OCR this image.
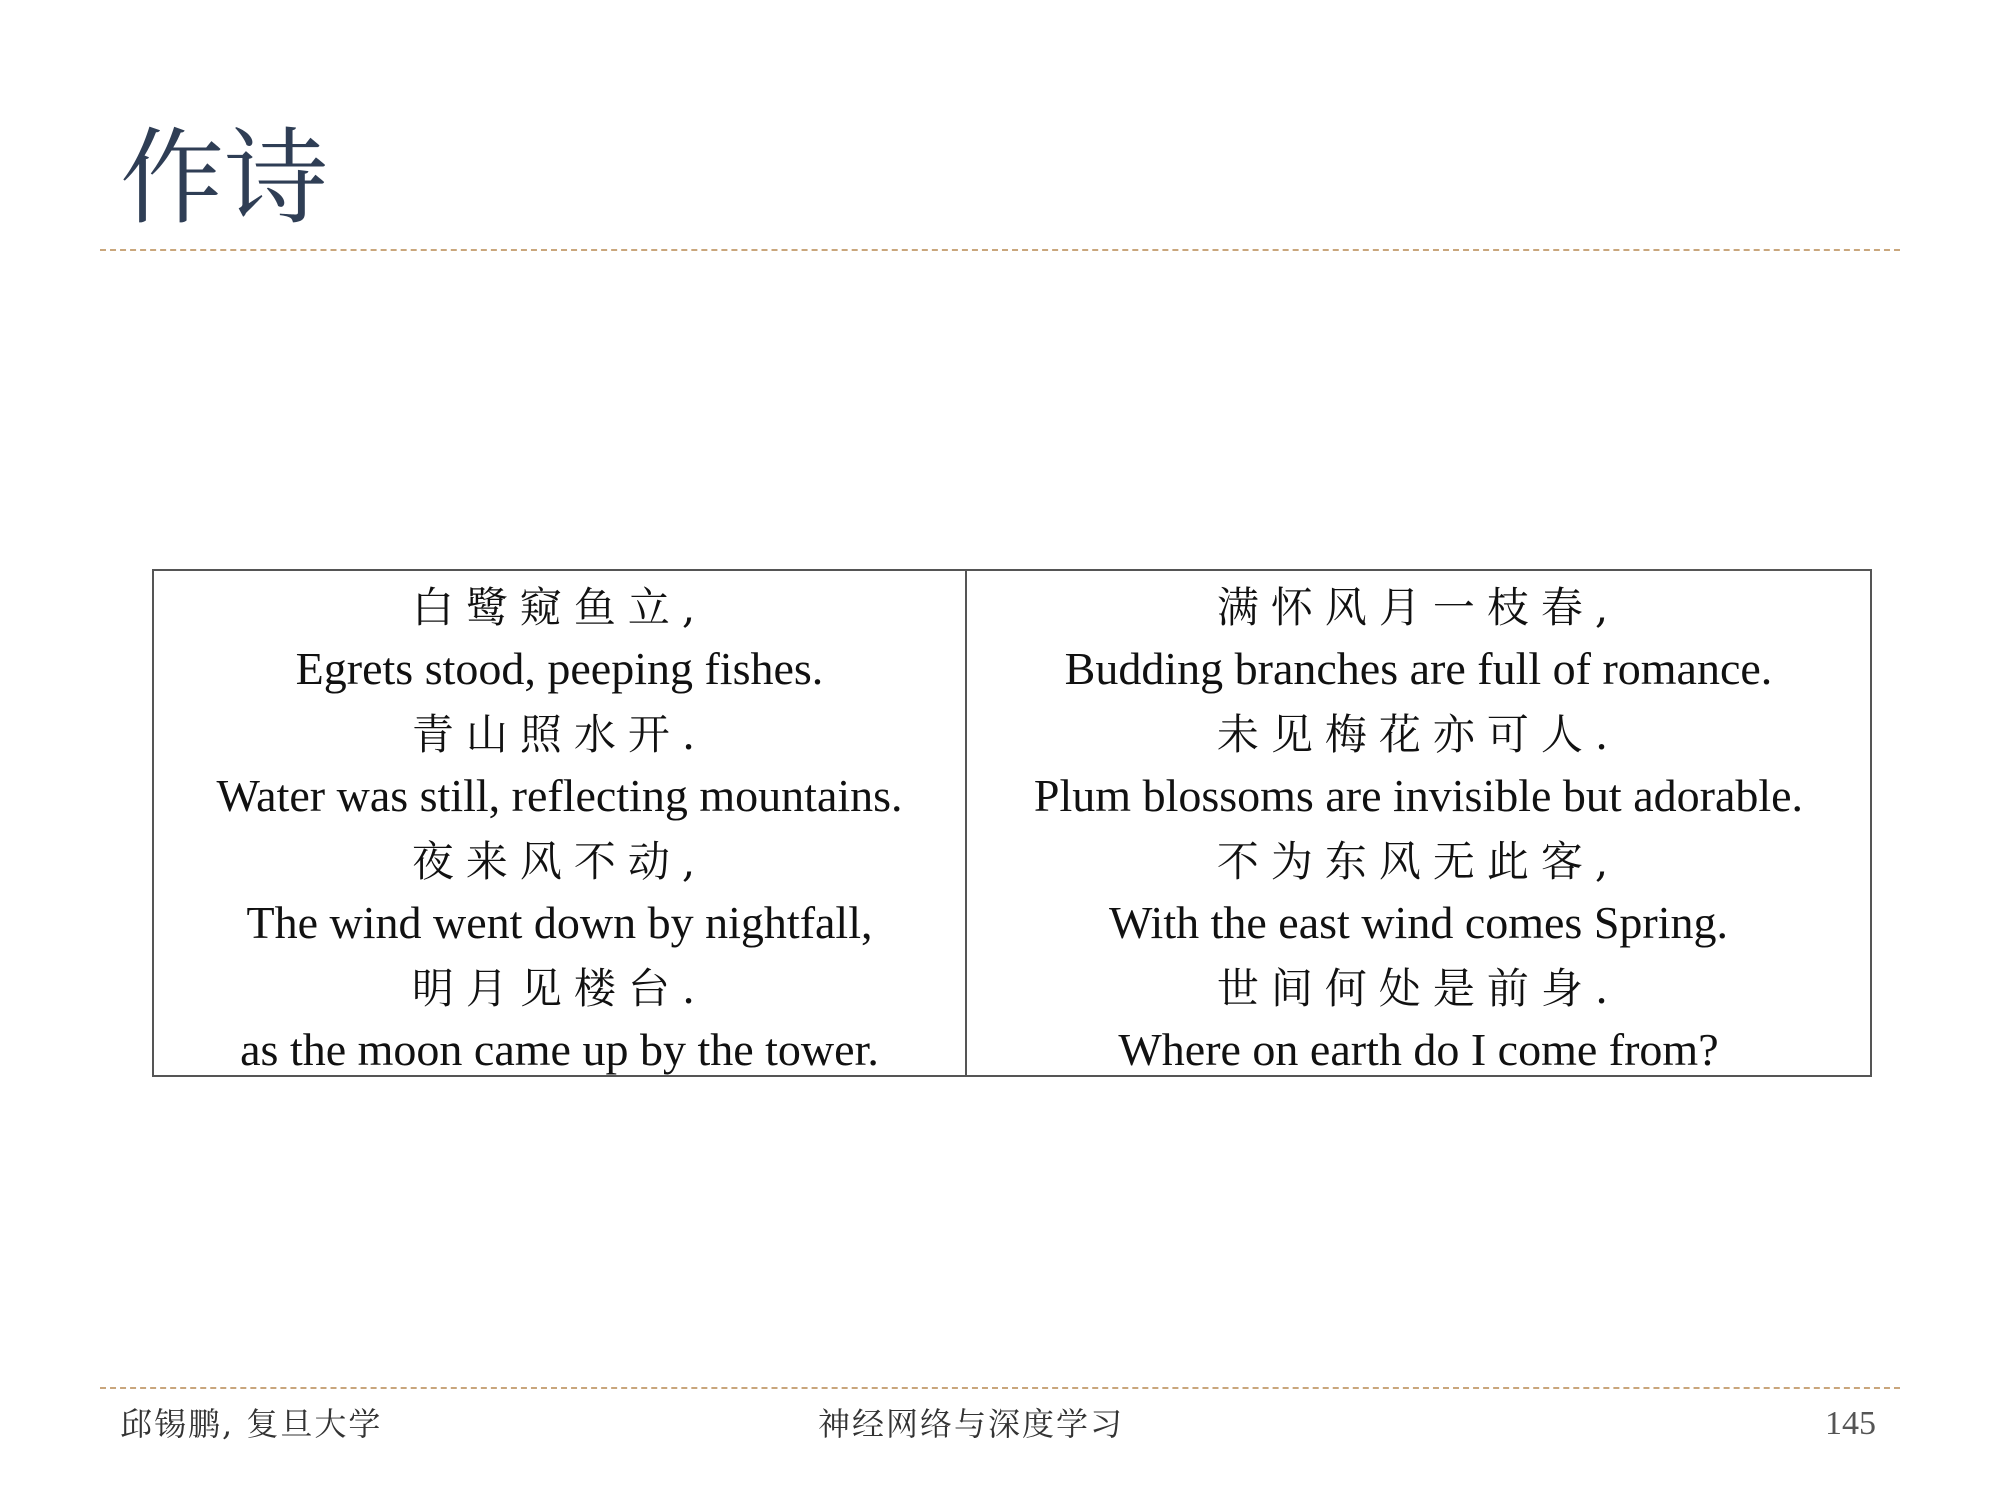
作诗
白鹭窥鱼立,
Egrets stood, peeping fishes.
青山照水开.
Water was still, reflecting mountains.
夜来风不动,
The wind went down by nightfall,
明月见楼台.
as the moon came up by the tower.
满怀风月一枝春,
Budding branches are full of romance.
未见梅花亦可人.
Plum blossoms are invisible but adorable.
不为东风无此客,
With the east wind comes Spring.
世间何处是前身.
Where on earth do I come from?
邱锡鹏, 复旦大学	神经网络与深度学习	145
